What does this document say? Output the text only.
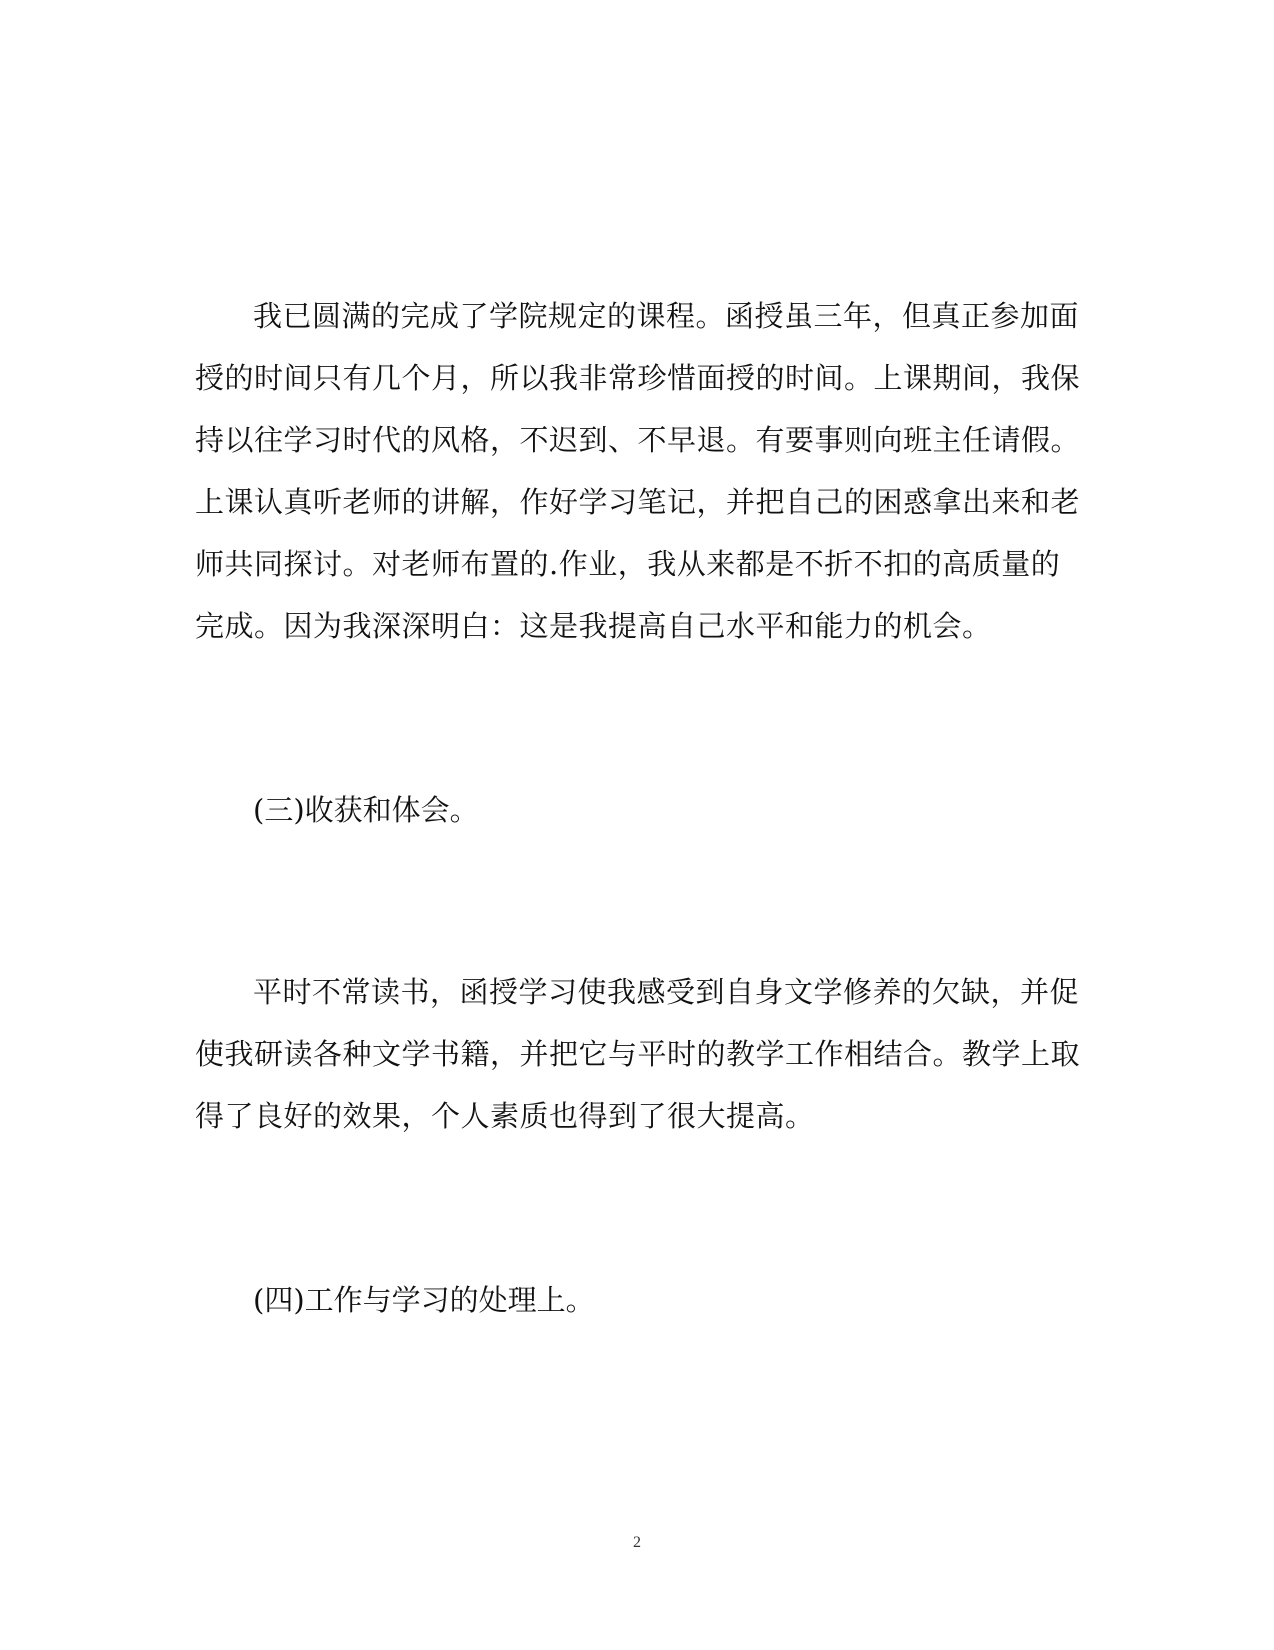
我已圆满的完成了学院规定的课程。函授虽三年，但真正参加面
授的时间只有几个月，所以我非常珍惜面授的时间。上课期间，我保
持以往学习时代的风格，不迟到、不早退。有要事则向班主任请假。
上课认真听老师的讲解，作好学习笔记，并把自己的困惑拿出来和老
师共同探讨。对老师布置的.作业，我从来都是不折不扣的高质量的
完成。因为我深深明白：这是我提高自己水平和能力的机会。

(三)收获和体会。

平时不常读书，函授学习使我感受到自身文学修养的欠缺，并促
使我研读各种文学书籍，并把它与平时的教学工作相结合。教学上取
得了良好的效果，个人素质也得到了很大提高。

(四)工作与学习的处理上。

2
